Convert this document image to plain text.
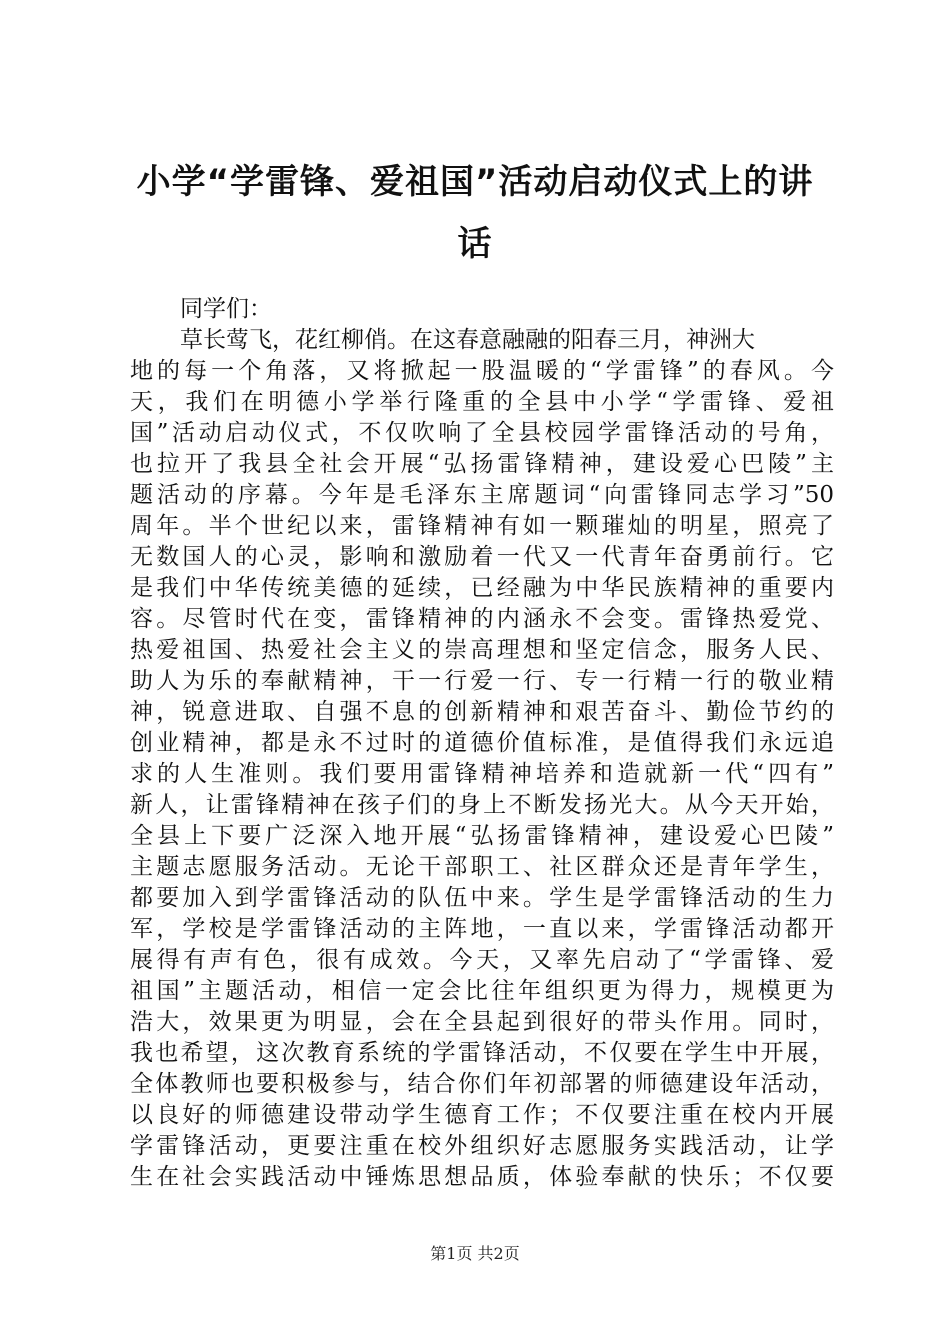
小学“学雷锋、爱祖国”活动启动仪式上的讲
话
同学们：
草长莺飞，花红柳俏。在这春意融融的阳春三月，神洲大
地的每一个角落，又将掀起一股温暖的“学雷锋”的春风。今
天，我们在明德小学举行隆重的全县中小学“学雷锋、爱祖
国”活动启动仪式，不仅吹响了全县校园学雷锋活动的号角，
也拉开了我县全社会开展“弘扬雷锋精神，建设爱心巴陵”主
题活动的序幕。今年是毛泽东主席题词“向雷锋同志学习”50
周年。半个世纪以来，雷锋精神有如一颗璀灿的明星，照亮了
无数国人的心灵，影响和激励着一代又一代青年奋勇前行。它
是我们中华传统美德的延续，已经融为中华民族精神的重要内
容。尽管时代在变，雷锋精神的内涵永不会变。雷锋热爱党、
热爱祖国、热爱社会主义的崇高理想和坚定信念，服务人民、
助人为乐的奉献精神，干一行爱一行、专一行精一行的敬业精
神，锐意进取、自强不息的创新精神和艰苦奋斗、勤俭节约的
创业精神，都是永不过时的道德价值标准，是值得我们永远追
求的人生准则。我们要用雷锋精神培养和造就新一代“四有”
新人，让雷锋精神在孩子们的身上不断发扬光大。从今天开始，
全县上下要广泛深入地开展“弘扬雷锋精神，建设爱心巴陵”
主题志愿服务活动。无论干部职工、社区群众还是青年学生，
都要加入到学雷锋活动的队伍中来。学生是学雷锋活动的生力
军，学校是学雷锋活动的主阵地，一直以来，学雷锋活动都开
展得有声有色，很有成效。今天，又率先启动了“学雷锋、爱
祖国”主题活动，相信一定会比往年组织更为得力，规模更为
浩大，效果更为明显，会在全县起到很好的带头作用。同时，
我也希望，这次教育系统的学雷锋活动，不仅要在学生中开展，
全体教师也要积极参与，结合你们年初部署的师德建设年活动，
以良好的师德建设带动学生德育工作；不仅要注重在校内开展
学雷锋活动，更要注重在校外组织好志愿服务实践活动，让学
生在社会实践活动中锤炼思想品质，体验奉献的快乐；不仅要
第1页 共2页
